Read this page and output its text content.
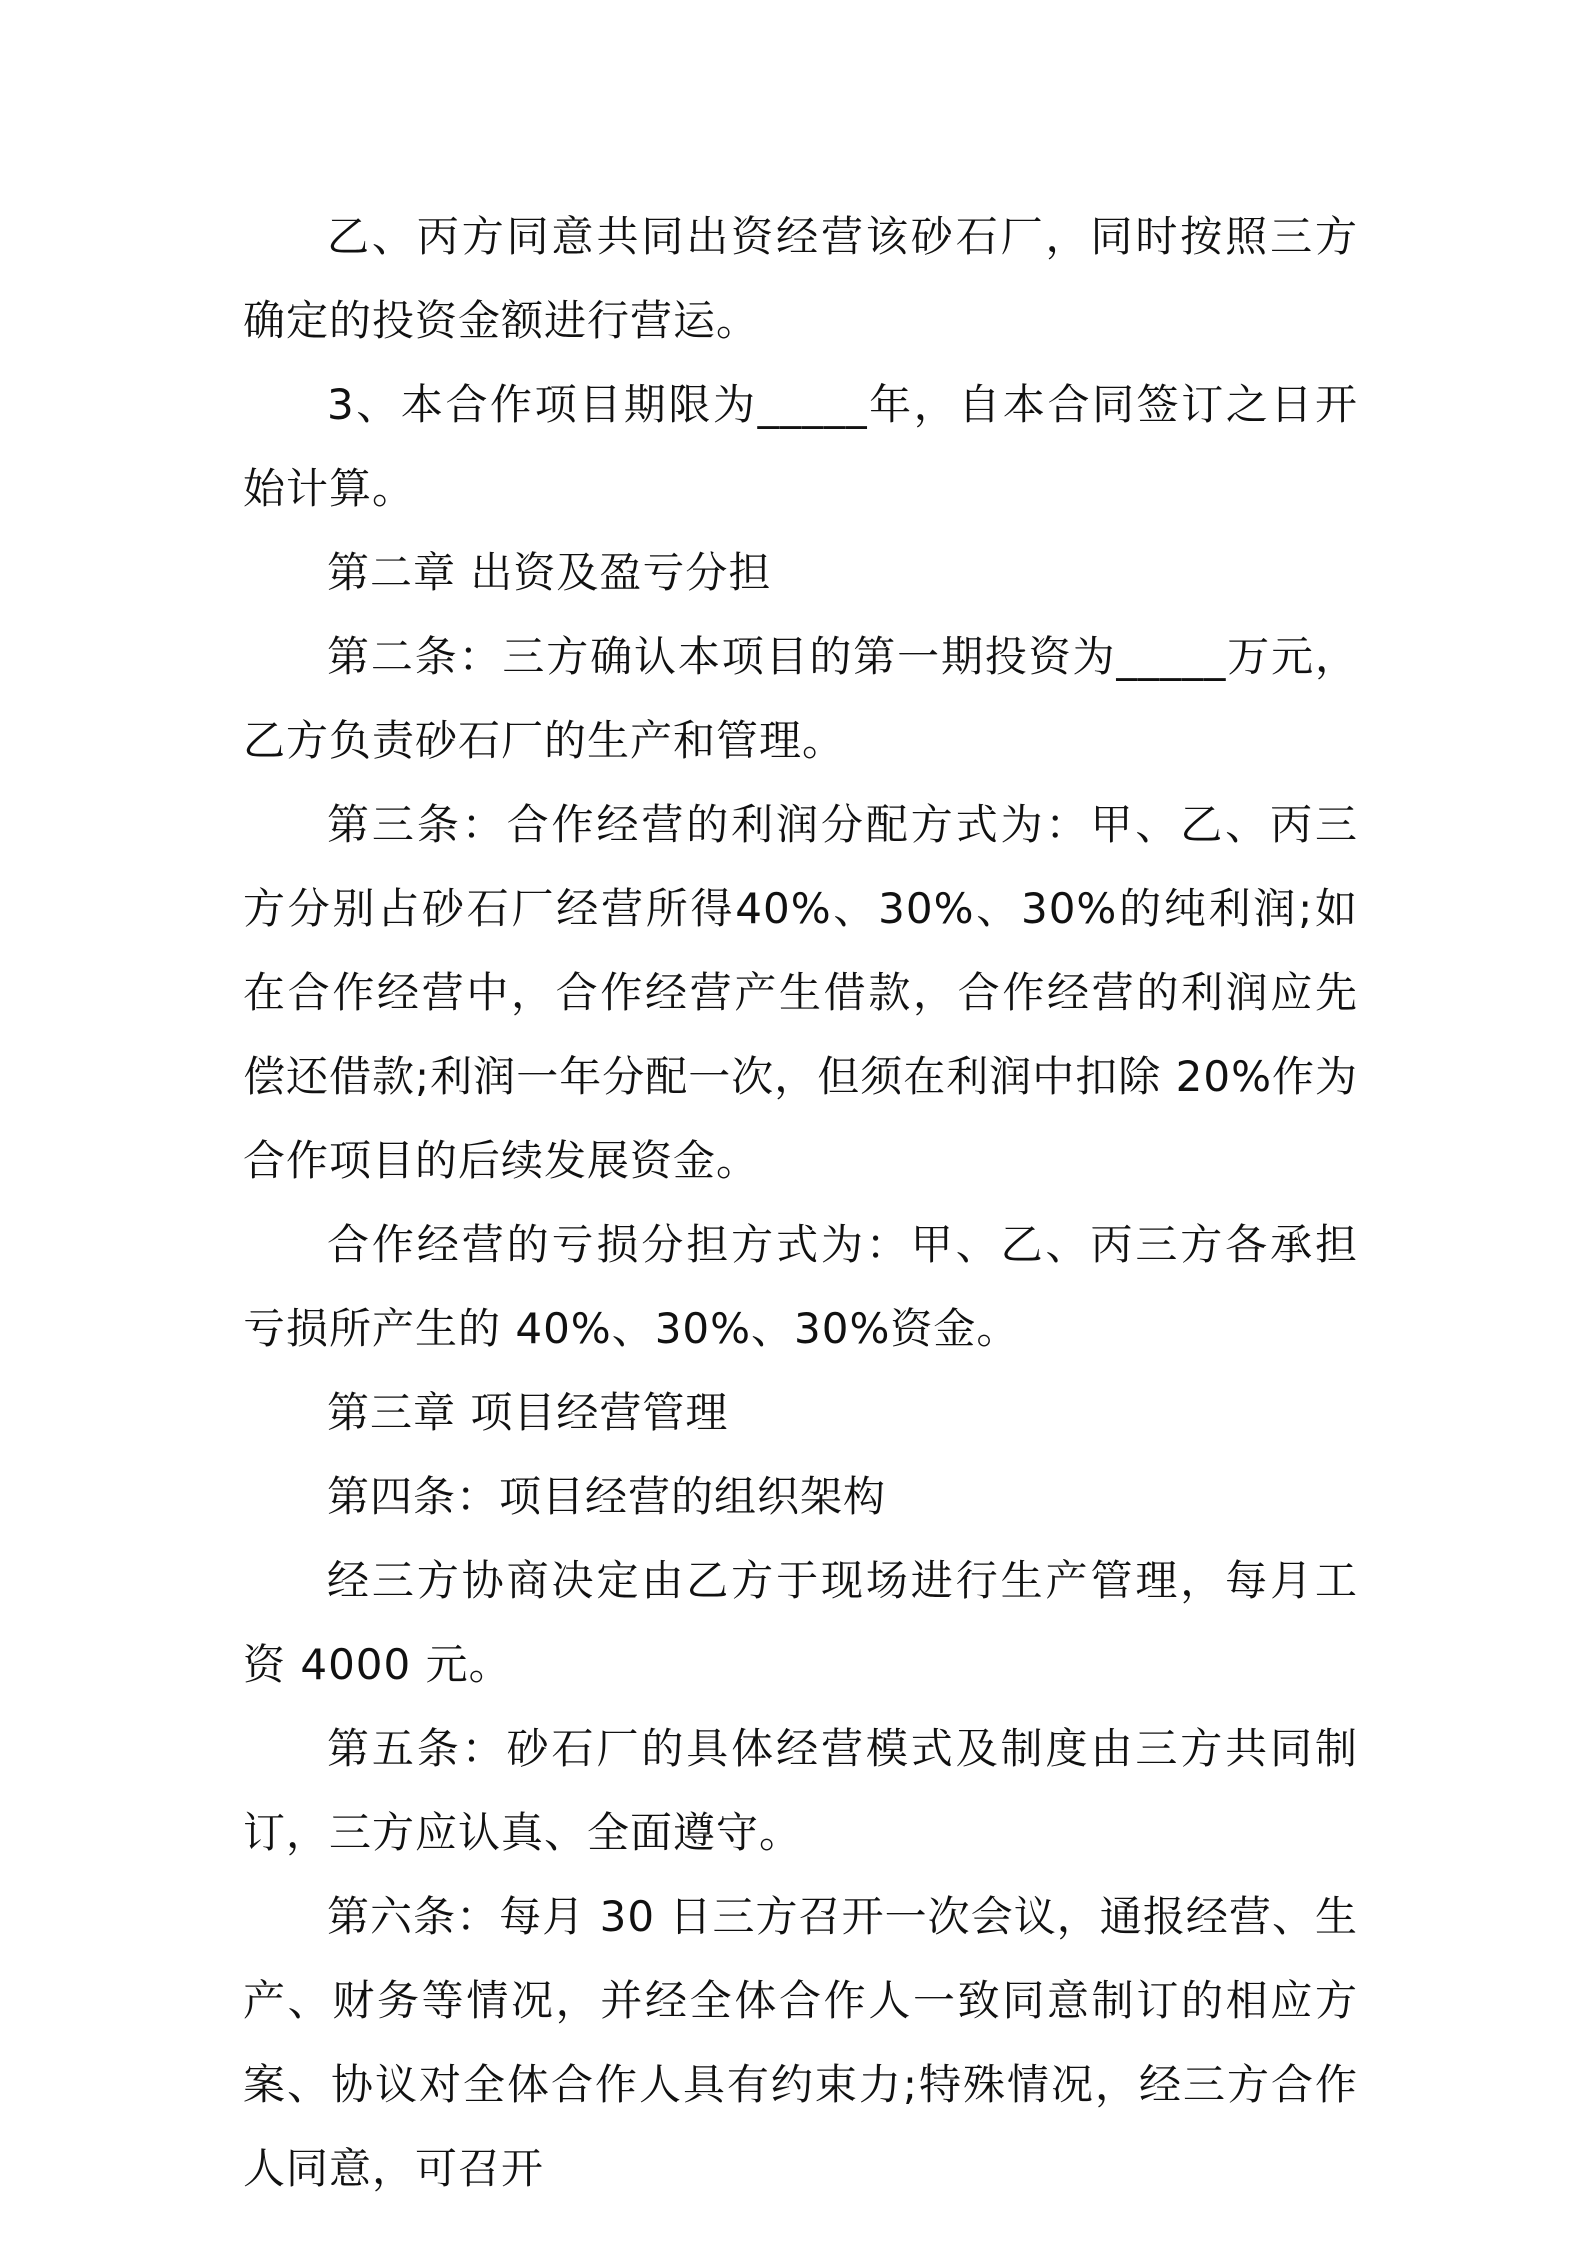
乙、丙方同意共同出资经营该砂石厂，同时按照三方确定的投资金额进行营运。

3、本合作项目期限为_____年，自本合同签订之日开始计算。

第二章 出资及盈亏分担

第二条：三方确认本项目的第一期投资为_____万元，乙方负责砂石厂的生产和管理。

第三条：合作经营的利润分配方式为：甲、乙、丙三方分别占砂石厂经营所得40%、30%、30%的纯利润;如在合作经营中，合作经营产生借款，合作经营的利润应先偿还借款;利润一年分配一次，但须在利润中扣除 20%作为合作项目的后续发展资金。

合作经营的亏损分担方式为：甲、乙、丙三方各承担亏损所产生的 40%、30%、30%资金。

第三章 项目经营管理

第四条：项目经营的组织架构

经三方协商决定由乙方于现场进行生产管理，每月工资 4000 元。

第五条：砂石厂的具体经营模式及制度由三方共同制订，三方应认真、全面遵守。

第六条：每月 30 日三方召开一次会议，通报经营、生产、财务等情况，并经全体合作人一致同意制订的相应方案、协议对全体合作人具有约束力;特殊情况，经三方合作人同意，可召开
